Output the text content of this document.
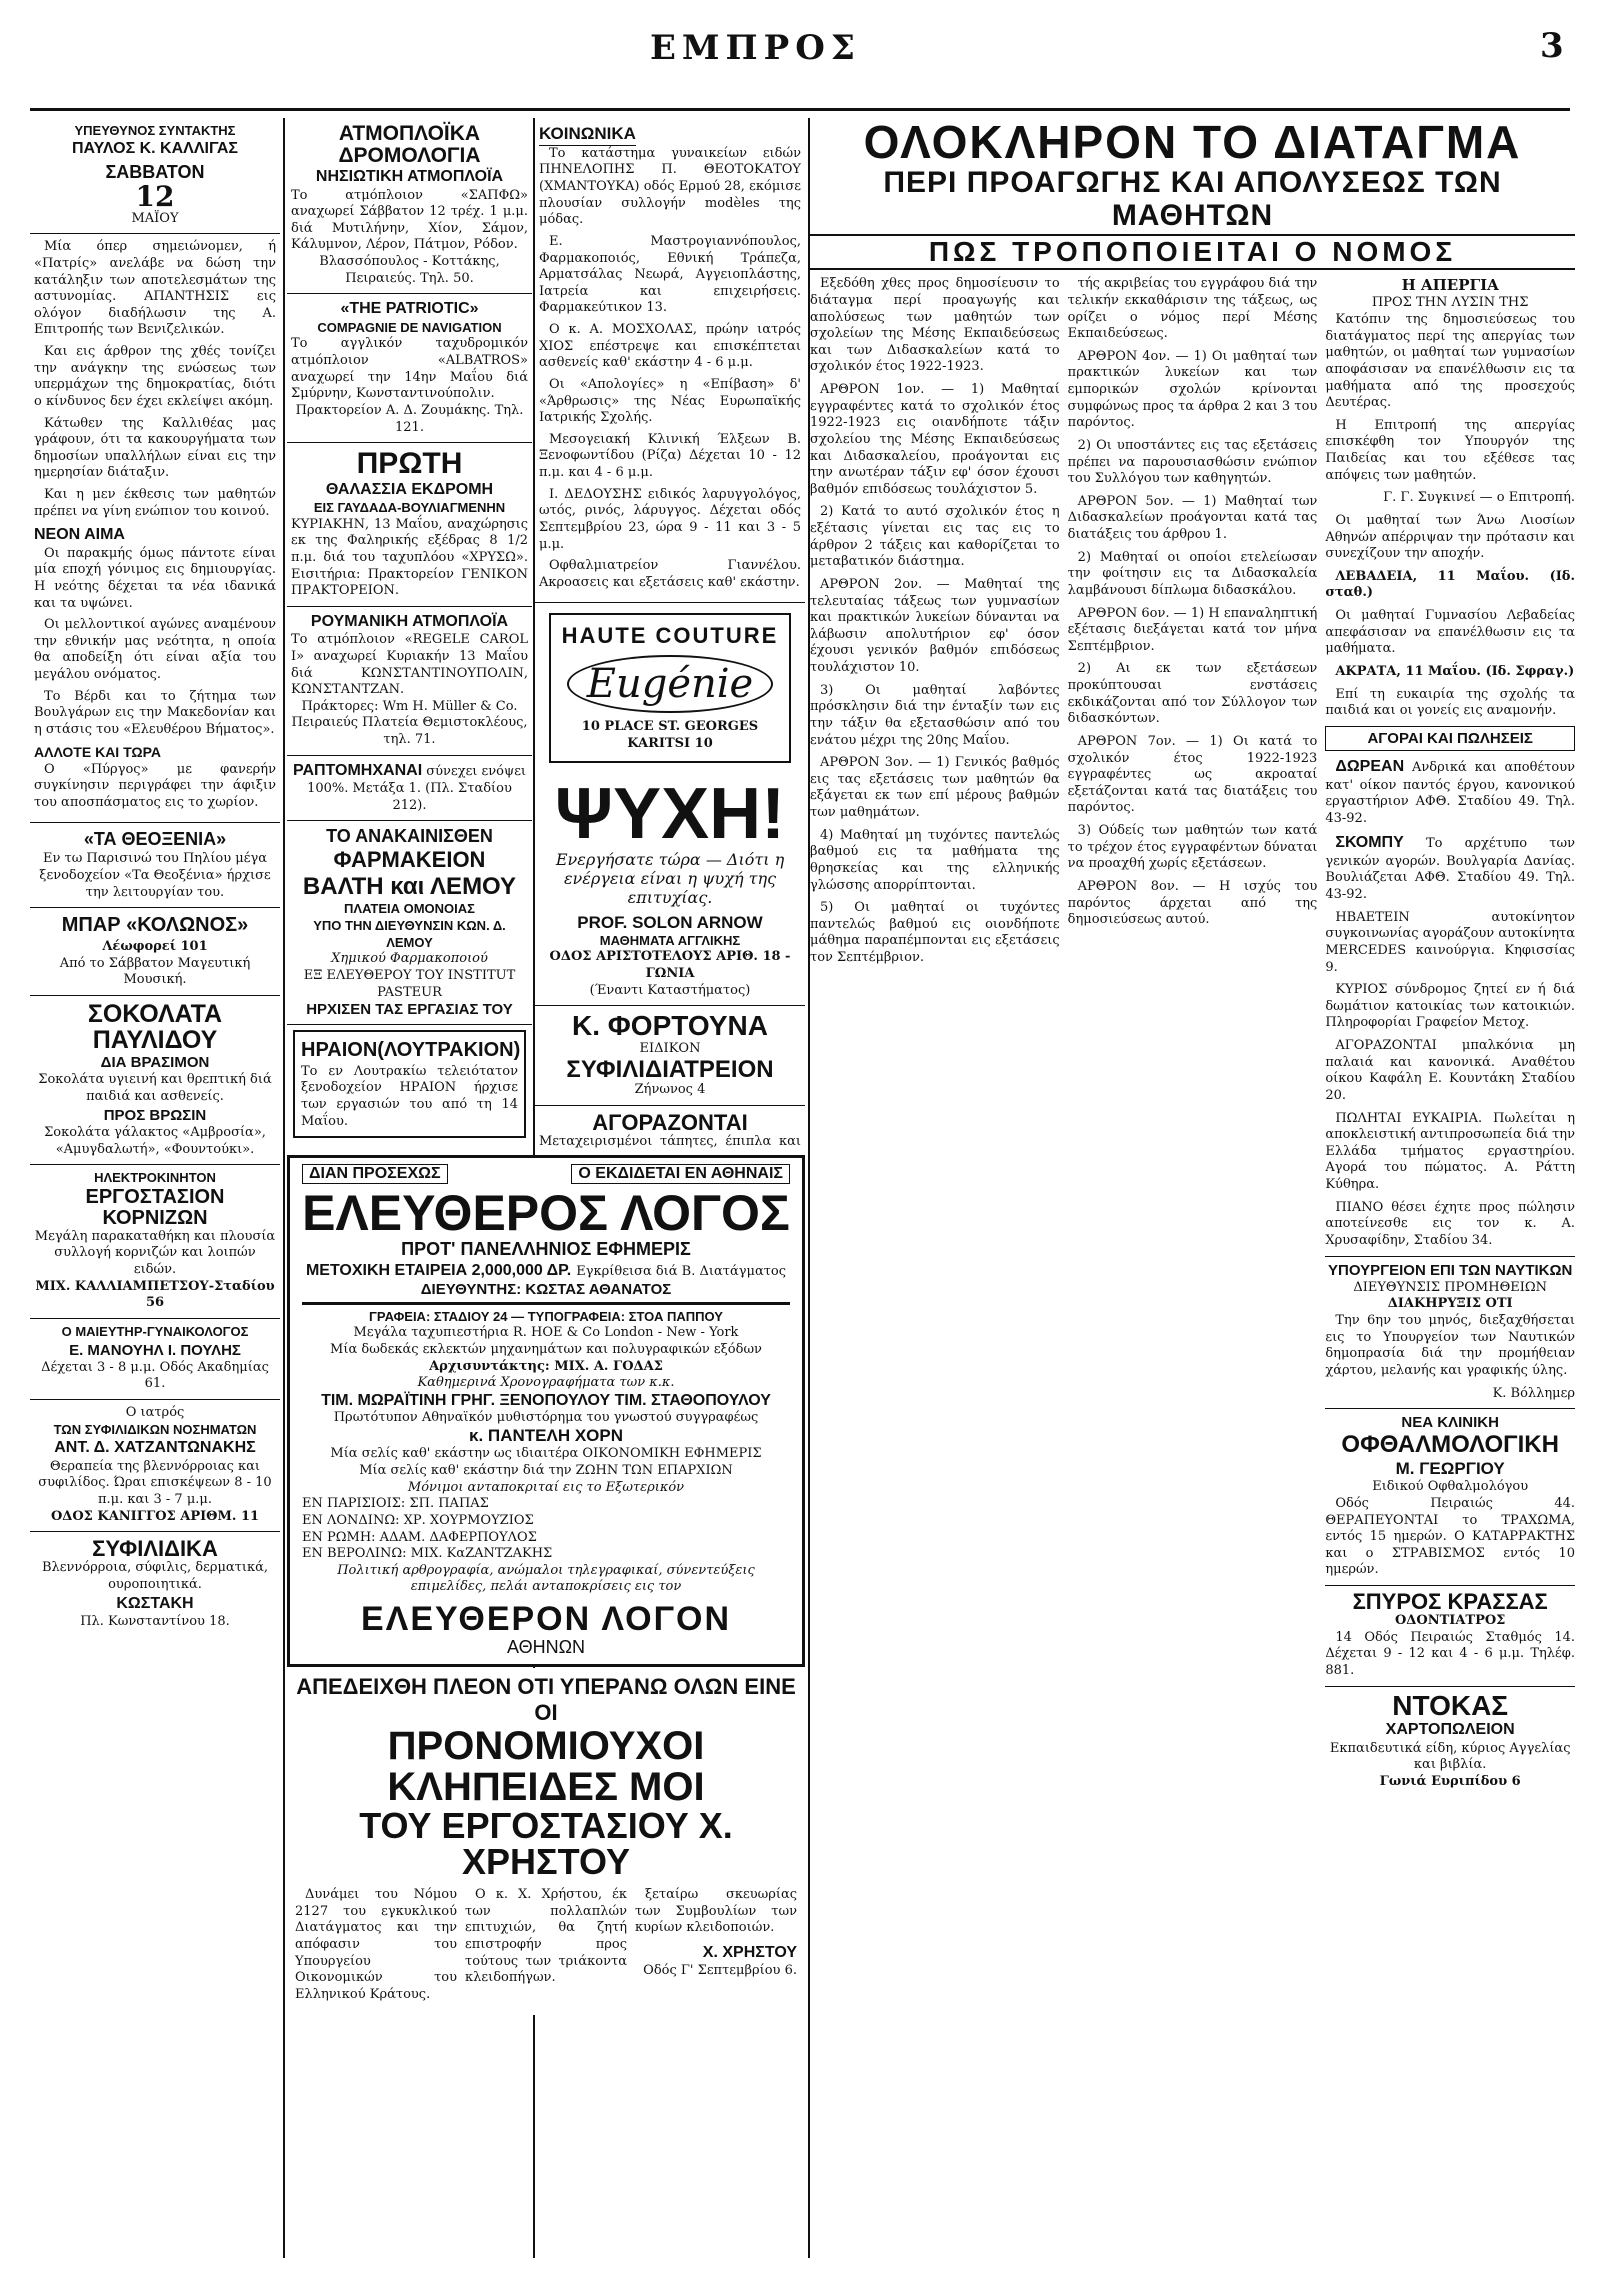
ΕΜΠΡΟΣ	3
ΥΠΕΥΘΥΝΟΣ ΣΥΝΤΑΚΤΗΣ
ΠΑΥΛΟΣ Κ. ΚΑΛΛΙΓΑΣ
ΣΑΒΒΑΤΟΝ
12
ΜΑΪΟΥ

Μία όπερ σημειώνομεν, ή «Πατρίς» ανελάβε να δώση την κατάληξιν των αποτελεσμάτων της αστυνομίας. ΑΠΑΝΤΗΣΙΣ εις ολόγον διαδήλωσιν της Α. Επιτροπής των Βενιζελικών.

Και εις άρθρον της χθές τονίζει την ανάγκην της ενώσεως των υπερμάχων της δημοκρατίας, διότι ο κίνδυνος δεν έχει εκλείψει ακόμη.

Κάτωθεν της Καλλιθέας μας γράφουν, ότι τα κακουργήματα των δημοσίων υπαλλήλων είναι εις την ημερησίαν διάταξιν.

Και η μεν έκθεσις των μαθητών πρέπει να γίνη ενώπιον του κοινού.

ΝΕΟΝ ΑΙΜΑ

Οι παρακμής όμως πάντοτε είναι μία εποχή γόνιμος εις δημιουργίας. Η νεότης δέχεται τα νέα ιδανικά και τα υψώνει.

Οι μελλοντικοί αγώνες αναμένουν την εθνικήν μας νεότητα, η οποία θα αποδείξη ότι είναι αξία του μεγάλου ονόματος.

Το Βέρδι και το ζήτημα των Βουλγάρων εις την Μακεδονίαν και η στάσις του «Ελευθέρου Βήματος».

ΑΛΛΟΤΕ ΚΑΙ ΤΩΡΑ

Ο «Πύργος» με φανερήν συγκίνησιν περιγράφει την άφιξιν του αποσπάσματος εις το χωρίον.

«ΤΑ ΘΕΟΞΕΝΙΑ»
Εν τω Παρισινώ του Πηλίου μέγα ξενοδοχείον «Τα Θεοξένια» ήρχισε την λειτουργίαν του.
ΜΠΑΡ «ΚΟΛΩΝΟΣ»
Λέωφορεί 101
Από το Σάββατον Μαγευτική Μουσική.
ΣΟΚΟΛΑΤΑ ΠΑΥΛΙΔΟΥ
ΔΙΑ ΒΡΑΣΙΜΟΝ
Σοκολάτα υγιεινή και θρεπτική διά παιδιά και ασθενείς.
ΠΡΟΣ ΒΡΩΣΙΝ
Σοκολάτα γάλακτος «Αμβροσία», «Αμυγδαλωτή», «Φουντούκι».
ΗΛΕΚΤΡΟΚΙΝΗΤΟΝ
ΕΡΓΟΣΤΑΣΙΟΝ ΚΟΡΝΙΖΩΝ
Μεγάλη παρακαταθήκη και πλουσία συλλογή κορνιζών και λοιπών ειδών.
ΜΙΧ. ΚΑΛΛΙΑΜΠΕΤΣΟΥ-Σταδίου 56
Ο ΜΑΙΕΥΤΗΡ-ΓΥΝΑΙΚΟΛΟΓΟΣ
Ε. ΜΑΝΟΥΗΛ Ι. ΠΟΥΛΗΣ
Δέχεται 3 - 8 μ.μ. Οδός Ακαδημίας 61.
Ο ιατρός
ΤΩΝ ΣΥΦΙΛΙΔΙΚΩΝ ΝΟΣΗΜΑΤΩΝ
ΑΝΤ. Δ. ΧΑΤΖΑΝΤΩΝΑΚΗΣ
Θεραπεία της βλεννόρροιας και συφιλίδος. Ώραι επισκέψεων 8 - 10 π.μ. και 3 - 7 μ.μ.
ΟΔΟΣ ΚΑΝΙΓΓΟΣ ΑΡΙΘΜ. 11
ΣΥΦΙΛΙΔΙΚΑ
Βλεννόρροια, σύφιλις, δερματικά, ουροποιητικά.
ΚΩΣΤΑΚΗ
Πλ. Κωνσταντίνου 18.
ΑΤΜΟΠΛΟΪΚΑ ΔΡΟΜΟΛΟΓΙΑ
ΝΗΣΙΩΤΙΚΗ ΑΤΜΟΠΛΟΪΑ
Το ατμόπλοιον «ΣΑΠΦΩ» αναχωρεί Σάββατον 12 τρέχ. 1 μ.μ. διά Μυτιλήνην, Χίον, Σάμον, Κάλυμνον, Λέρον, Πάτμον, Ρόδον.
Βλασσόπουλος - Κοττάκης, Πειραιεύς. Τηλ. 50.
«THE PATRIOTIC»
COMPAGNIE DE NAVIGATION
Το αγγλικόν ταχυδρομικόν ατμόπλοιον «ALBATROS» αναχωρεί την 14ην Μαΐου διά Σμύρνην, Κωνσταντινούπολιν.
Πρακτορείον Α. Δ. Ζουμάκης. Τηλ. 121.
ΠΡΩΤΗ
ΘΑΛΑΣΣΙΑ ΕΚΔΡΟΜΗ
ΕΙΣ ΓΑΥΔΑΔΑ-ΒΟΥΛΙΑΓΜΕΝΗΝ
ΚΥΡΙΑΚΗΝ, 13 Μαΐου, αναχώρησις εκ της Φαληρικής εξέδρας 8 1/2 π.μ. διά του ταχυπλόου «ΧΡΥΣΩ». Εισιτήρια: Πρακτορείον ΓΕΝΙΚΟΝ ΠΡΑΚΤΟΡΕΙΟΝ.
ΡΟΥΜΑΝΙΚΗ ΑΤΜΟΠΛΟΪΑ
Το ατμόπλοιον «REGELE CAROL I» αναχωρεί Κυριακήν 13 Μαΐου διά ΚΩΝΣΤΑΝΤΙΝΟΥΠΟΛΙΝ, ΚΩΝΣΤΑΝΤΖΑΝ.
Πράκτορες: Wm H. Müller & Co. Πειραιεύς Πλατεία Θεμιστοκλέους, τηλ. 71.
ΡΑΠΤΟΜΗΧΑΝΑΙ σύνεχει ενόψει 100%. Μετάξα 1. (Πλ. Σταδίου 212).
ΤΟ ΑΝΑΚΑΙΝΙΣΘΕΝ
ΦΑΡΜΑΚΕΙΟΝ
ΒΑΛΤΗ και ΛΕΜΟΥ
ΠΛΑΤΕΙΑ ΟΜΟΝΟΙΑΣ
ΥΠΟ ΤΗΝ ΔΙΕΥΘΥΝΣΙΝ ΚΩΝ. Δ. ΛΕΜΟΥ
Χημικού Φαρμακοποιού
ΕΞ ΕΛΕΥΘΕΡΟΥ ΤΟΥ INSTITUT PASTEUR
ΗΡΧΙΣΕΝ ΤΑΣ ΕΡΓΑΣΙΑΣ ΤΟΥ
ΗΡΑΙΟΝ(ΛΟΥΤΡΑΚΙΟΝ)
Το εν Λουτρακίω τελειότατον ξενοδοχείον ΗΡΑΙΟΝ ήρχισε των εργασιών του από τη 14 Μαΐου.
ΚΟΙΝΩΝΙΚΑ

Το κατάστημα γυναικείων ειδών ΠΗΝΕΛΟΠΗΣ Π. ΘΕΟΤΟΚΑΤΟΥ (ΧΜΑΝΤΟΥΚΑ) οδός Ερμού 28, εκόμισε πλουσίαν συλλογήν modèles της μόδας.

Ε. Μαστρογιαννόπουλος, Φαρμακοποιός, Εθνική Τράπεζα, Αρματσάλας Νεωρά, Αγγειοπλάστης, Ιατρεία και επιχειρήσεις. Φαρμακεύτικον 13.

Ο κ. Α. ΜΟΣΧΟΛΑΣ, πρώην ιατρός ΧΙΟΣ επέστρεψε και επισκέπτεται ασθενείς καθ' εκάστην 4 - 6 μ.μ.

Οι «Απολογίες» η «Επίβαση» δ' «Άρθρωσις» της Νέας Ευρωπαϊκής Ιατρικής Σχολής.

Μεσογειακή Κλινική Έλξεων Β. Ξενοφωντίδου (Ρίζα) Δέχεται 10 - 12 π.μ. και 4 - 6 μ.μ.

Ι. ΔΕΔΟΥΣΗΣ ειδικός λαρυγγολόγος, ωτός, ρινός, λάρυγγος. Δέχεται οδός Σεπτεμβρίου 23, ώρα 9 - 11 και 3 - 5 μ.μ.

Οφθαλμιατρείον Γιαννέλου. Ακροασεις και εξετάσεις καθ' εκάστην.

HAUTE COUTURE
Eugénie
10 PLACE ST. GEORGES KARITSI 10
ΨΥΧΗ!
Ενεργήσατε τώρα — Διότι η ενέργεια είναι η ψυχή της επιτυχίας.
PROF. SOLON ARNOW
ΜΑΘΗΜΑΤΑ ΑΓΓΛΙΚΗΣ
ΟΔΟΣ ΑΡΙΣΤΟΤΕΛΟΥΣ ΑΡΙΘ. 18 - ΓΩΝΙΑ
(Έναντι Καταστήματος)
Κ. ΦΟΡΤΟΥΝΑ
ΕΙΔΙΚΟΝ
ΣΥΦΙΛΙΔΙΑΤΡΕΙΟΝ
Ζήνωνος 4
ΑΓΟΡΑΖΟΝΤΑΙ
Μεταχειρισμένοι τάπητες, έπιπλα και
ΔΙΑΝ ΠΡΟΣΕΧΩΣ	Ο ΕΚΔΙΔΕΤΑΙ ΕΝ ΑΘΗΝΑΙΣ
ΕΛΕΥΘΕΡΟΣ ΛΟΓΟΣ
ΠΡΟΤ' ΠΑΝΕΛΛΗΝΙΟΣ ΕΦΗΜΕΡΙΣ
ΜΕΤΟΧΙΚΗ ΕΤΑΙΡΕΙΑ 2,000,000 ΔΡ. Εγκρίθεισα διά Β. Διατάγματος
ΔΙΕΥΘΥΝΤΗΣ: ΚΩΣΤΑΣ ΑΘΑΝΑΤΟΣ
ΓΡΑΦΕΙΑ: ΣΤΑΔΙΟΥ 24 — ΤΥΠΟΓΡΑΦΕΙΑ: ΣΤΟΑ ΠΑΠΠΟΥ
Μεγάλα ταχυπιεστήρια R. HOE & Co London - New - York
Μία δωδεκάς εκλεκτών μηχανημάτων και πολυγραφικών εξόδων
Αρχισυντάκτης: ΜΙΧ. Α. ΓΟΔΑΣ
Καθημερινά Χρονογραφήματα των κ.κ.
ΤΙΜ. ΜΩΡΑΪΤΙΝΗ ΓΡΗΓ. ΞΕΝΟΠΟΥΛΟΥ ΤΙΜ. ΣΤΑΘΟΠΟΥΛΟΥ
Πρωτότυπον Αθηναϊκόν μυθιστόρημα του γνωστού συγγραφέως
κ. ΠΑΝΤΕΛΗ ΧΟΡΝ
Μία σελίς καθ' εκάστην ως ιδιαιτέρα ΟΙΚΟΝΟΜΙΚΗ ΕΦΗΜΕΡΙΣ
Μία σελίς καθ' εκάστην διά την ΖΩΗΝ ΤΩΝ ΕΠΑΡΧΙΩΝ
Μόνιμοι ανταποκριταί εις το Εξωτερικόν
ΕΝ ΠΑΡΙΣΙΟΙΣ: ΣΠ. ΠΑΠΑΣ
ΕΝ ΛΟΝΔΙΝΩ: ΧΡ. ΧΟΥΡΜΟΥΖΙΟΣ
ΕΝ ΡΩΜΗ: ΑΔΑΜ. ΔΑΦΕΡΠΟΥΛΟΣ
ΕΝ ΒΕΡΟΛΙΝΩ: ΜΙΧ. ΚαΖΑΝΤΖΑΚΗΣ
Πολιτική αρθρογραφία, ανώμαλοι τηλεγραφικαί, σύνεντεύξεις
επιμελίδες, πελάι ανταποκρίσεις εις τον
ΕΛΕΥΘΕΡΟΝ ΛΟΓΟΝ
ΑΘΗΝΩΝ
ΑΠΕΔΕΙΧΘΗ ΠΛΕΟΝ ΟΤΙ ΥΠΕΡΑΝΩ ΟΛΩΝ ΕΙΝΕ ΟΙ
ΠΡΟΝΟΜΙΟΥΧΟΙ ΚΛΗΠΕΙΔΕΣ ΜΟΙ
ΤΟΥ ΕΡΓΟΣΤΑΣΙΟΥ Χ. ΧΡΗΣΤΟΥ

Δυνάμει του Νόμου 2127 του εγκυκλικού Διατάγματος και την απόφασιν του Υπουργείου Οικονομικών του Ελληνικού Κράτους.

Ο κ. Χ. Χρήστου, έκ των πολλαπλών επιτυχιών, θα ζητή επιστροφήν προς τούτους των τριάκοντα κλειδοπήγων.

ξεταίρω σκευωρίας των Συμβουλίων των κυρίων κλειδοποιών.

Χ. ΧΡΗΣΤΟΥ
Οδός Γ' Σεπτεμβρίου 6.
ΟΛΟΚΛΗΡΟΝ ΤΟ ΔΙΑΤΑΓΜΑ
ΠΕΡΙ ΠΡΟΑΓΩΓΗΣ ΚΑΙ ΑΠΟΛΥΣΕΩΣ ΤΩΝ ΜΑΘΗΤΩΝ
ΠΩΣ ΤΡΟΠΟΠΟΙΕΙΤΑΙ Ο ΝΟΜΟΣ

Εξεδόθη χθες προς δημοσίευσιν το διάταγμα περί προαγωγής και απολύσεως των μαθητών των σχολείων της Μέσης Εκπαιδεύσεως και των Διδασκαλείων κατά το σχολικόν έτος 1922-1923.

ΑΡΘΡΟΝ 1ον. — 1) Μαθηταί εγγραφέντες κατά το σχολικόν έτος 1922-1923 εις οιανδήποτε τάξιν σχολείου της Μέσης Εκπαιδεύσεως και Διδασκαλείου, προάγονται εις την ανωτέραν τάξιν εφ' όσον έχουσι βαθμόν επιδόσεως τουλάχιστον 5.

2) Κατά το αυτό σχολικόν έτος η εξέτασις γίνεται εις τας εις το άρθρον 2 τάξεις και καθορίζεται το μεταβατικόν διάστημα.

ΑΡΘΡΟΝ 2ον. — Μαθηταί της τελευταίας τάξεως των γυμνασίων και πρακτικών λυκείων δύνανται να λάβωσιν απολυτήριον εφ' όσον έχουσι γενικόν βαθμόν επιδόσεως τουλάχιστον 10.

3) Οι μαθηταί λαβόντες πρόσκλησιν διά την ένταξίν των εις την τάξιν θα εξετασθώσιν από του ενάτου μέχρι της 20ης Μαΐου.

ΑΡΘΡΟΝ 3ον. — 1) Γενικός βαθμός εις τας εξετάσεις των μαθητών θα εξάγεται εκ των επί μέρους βαθμών των μαθημάτων.

4) Μαθηταί μη τυχόντες παντελώς βαθμού εις τα μαθήματα της θρησκείας και της ελληνικής γλώσσης απορρίπτονται.

5) Οι μαθηταί οι τυχόντες παντελώς βαθμού εις οιονδήποτε μάθημα παραπέμπονται εις εξετάσεις τον Σεπτέμβριον.

τής ακριβείας του εγγράφου διά την τελικήν εκκαθάρισιν της τάξεως, ως ορίζει ο νόμος περί Μέσης Εκπαιδεύσεως.

ΑΡΘΡΟΝ 4ον. — 1) Οι μαθηταί των πρακτικών λυκείων και των εμπορικών σχολών κρίνονται συμφώνως προς τα άρθρα 2 και 3 του παρόντος.

2) Οι υποστάντες εις τας εξετάσεις πρέπει να παρουσιασθώσιν ενώπιον του Συλλόγου των καθηγητών.

ΑΡΘΡΟΝ 5ον. — 1) Μαθηταί των Διδασκαλείων προάγονται κατά τας διατάξεις του άρθρου 1.

2) Μαθηταί οι οποίοι ετελείωσαν την φοίτησιν εις τα Διδασκαλεία λαμβάνουσι δίπλωμα διδασκάλου.

ΑΡΘΡΟΝ 6ον. — 1) Η επαναληπτική εξέτασις διεξάγεται κατά τον μήνα Σεπτέμβριον.

2) Αι εκ των εξετάσεων προκύπτουσαι ενστάσεις εκδικάζονται από τον Σύλλογον των διδασκόντων.

ΑΡΘΡΟΝ 7ον. — 1) Οι κατά το σχολικόν έτος 1922-1923 εγγραφέντες ως ακροαταί εξετάζονται κατά τας διατάξεις του παρόντος.

3) Ούδείς των μαθητών των κατά το τρέχον έτος εγγραφέντων δύναται να προαχθή χωρίς εξετάσεων.

ΑΡΘΡΟΝ 8ον. — Η ισχύς του παρόντος άρχεται από της δημοσιεύσεως αυτού.

Η ΑΠΕΡΓΙΑ
ΠΡΟΣ ΤΗΝ ΛΥΣΙΝ ΤΗΣ

Κατόπιν της δημοσιεύσεως του διατάγματος περί της απεργίας των μαθητών, οι μαθηταί των γυμνασίων αποφάσισαν να επανέλθωσιν εις τα μαθήματα από της προσεχούς Δευτέρας.

Η Επιτροπή της απεργίας επισκέφθη τον Υπουργόν της Παιδείας και του εξέθεσε τας απόψεις των μαθητών.

Γ. Γ. Συγκινεί — ο Επιτροπή.

Οι μαθηταί των Άνω Λιοσίων Αθηνών απέρριψαν την πρότασιν και συνεχίζουν την αποχήν.

ΛΕΒΑΔΕΙΑ, 11 Μαΐου. (Ιδ. σταθ.)

Οι μαθηταί Γυμνασίου Λεβαδείας απεφάσισαν να επανέλθωσιν εις τα μαθήματα.

ΑΚΡΑΤΑ, 11 Μαΐου. (Ιδ. Σφραγ.)

Επί τη ευκαιρία της σχολής τα παιδιά και οι γονείς εις αναμονήν.

ΑΓΟΡΑΙ ΚΑΙ ΠΩΛΗΣΕΙΣ

ΔΩΡΕΑΝ Ανδρικά και αποθέτουν κατ' οίκον παντός έργου, κανονικού εργαστήριον ΑΦΘ. Σταδίου 49. Τηλ. 43-92.

ΣΚΟΜΠΥ Το αρχέτυπο των γενικών αγορών. Βουλγαρία Δανίας. Βουλιάζεται ΑΦΘ. Σταδίου 49. Τηλ. 43-92.

ΗΒΑΕΤΕΙΝ αυτοκίνητον συγκοινωνίας αγοράζουν αυτοκίνητα MERCEDES καινούργια. Κηφισσίας 9.

ΚΥΡΙΟΣ σύνδρομος ζητεί εν ή διά δωμάτιον κατοικίας των κατοικιών. Πληροφορίαι Γραφείον Μετοχ.

ΑΓΟΡΑΖΟΝΤΑΙ μπαλκόνια μη παλαιά και κανονικά. Αναθέτου οίκου Καφάλη Ε. Κουντάκη Σταδίου 20.

ΠΩΛΗΤΑΙ ΕΥΚΑΙΡΙΑ. Πωλείται η αποκλειστική αντιπροσωπεία διά την Ελλάδα τμήματος εργαστηρίου. Αγορά του πώματος. Α. Ράττη Κύθηρα.

ΠΙΑΝΟ θέσει έχητε προς πώλησιν αποτείνεσθε εις τον κ. Α. Χρυσαφίδην, Σταδίου 34.

ΥΠΟΥΡΓΕΙΟΝ ΕΠΙ ΤΩΝ ΝΑΥΤΙΚΩΝ
ΔΙΕΥΘΥΝΣΙΣ ΠΡΟΜΗΘΕΙΩΝ
ΔΙΑΚΗΡΥΞΙΣ ΟΤΙ

Την 6ην του μηνός, διεξαχθήσεται εις το Υπουργείον των Ναυτικών δημοπρασία διά την προμήθειαν χάρτου, μελανής και γραφικής ύλης.

Κ. Βόλλημερ

ΝΕΑ ΚΛΙΝΙΚΗ
ΟΦΘΑΛΜΟΛΟΓΙΚΗ
Μ. ΓΕΩΡΓΙΟΥ
Ειδικού Οφθαλμολόγου

Οδός Πειραιώς 44. ΘΕΡΑΠΕΥΟΝΤΑΙ το ΤΡΑΧΩΜΑ, εντός 15 ημερών. Ο ΚΑΤΑΡΡΑΚΤΗΣ και ο ΣΤΡΑΒΙΣΜΟΣ εντός 10 ημερών.

ΣΠΥΡΟΣ ΚΡΑΣΣΑΣ
ΟΔΟΝΤΙΑΤΡΟΣ

14 Οδός Πειραιώς Σταθμός 14. Δέχεται 9 - 12 και 4 - 6 μ.μ. Τηλέφ. 881.

ΝΤΟΚΑΣ
ΧΑΡΤΟΠΩΛΕΙΟΝ
Εκπαιδευτικά είδη, κύριος Αγγελίας και βιβλία.
Γωνιά Ευριπίδου 6
